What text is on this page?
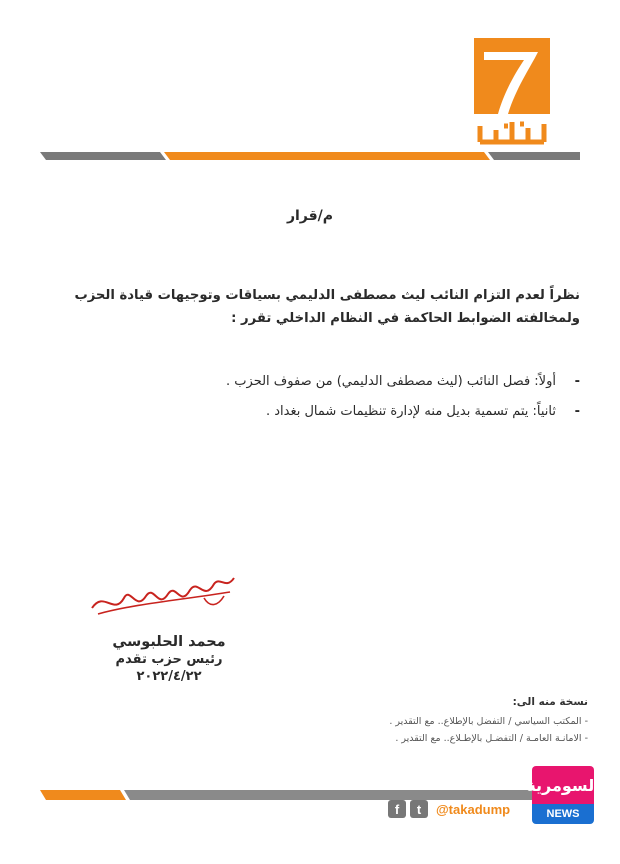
م/قرار
نظراً لعدم التزام النائب ليث مصطفى الدليمي بسياقات وتوجيهات قيادة الحزب ولمخالفته الضوابط الحاكمة في النظام الداخلي تقرر :
-
أولاً: فصل النائب (ليث مصطفى الدليمي) من صفوف الحزب .
-
ثانياً: يتم تسمية بديل منه لإدارة تنظيمات شمال بغداد .
محمد الحلبوسي
رئيس حزب تقدم
٢٠٢٢/٤/٢٢
نسخة منه الى:
- المكتب السياسي / التفضل بالإطلاع.. مع التقدير .
- الامانـة العامـة / التفضـل بالإطـلاع.. مع التقدير .
f	t	@takadump
السومرية
NEWS
